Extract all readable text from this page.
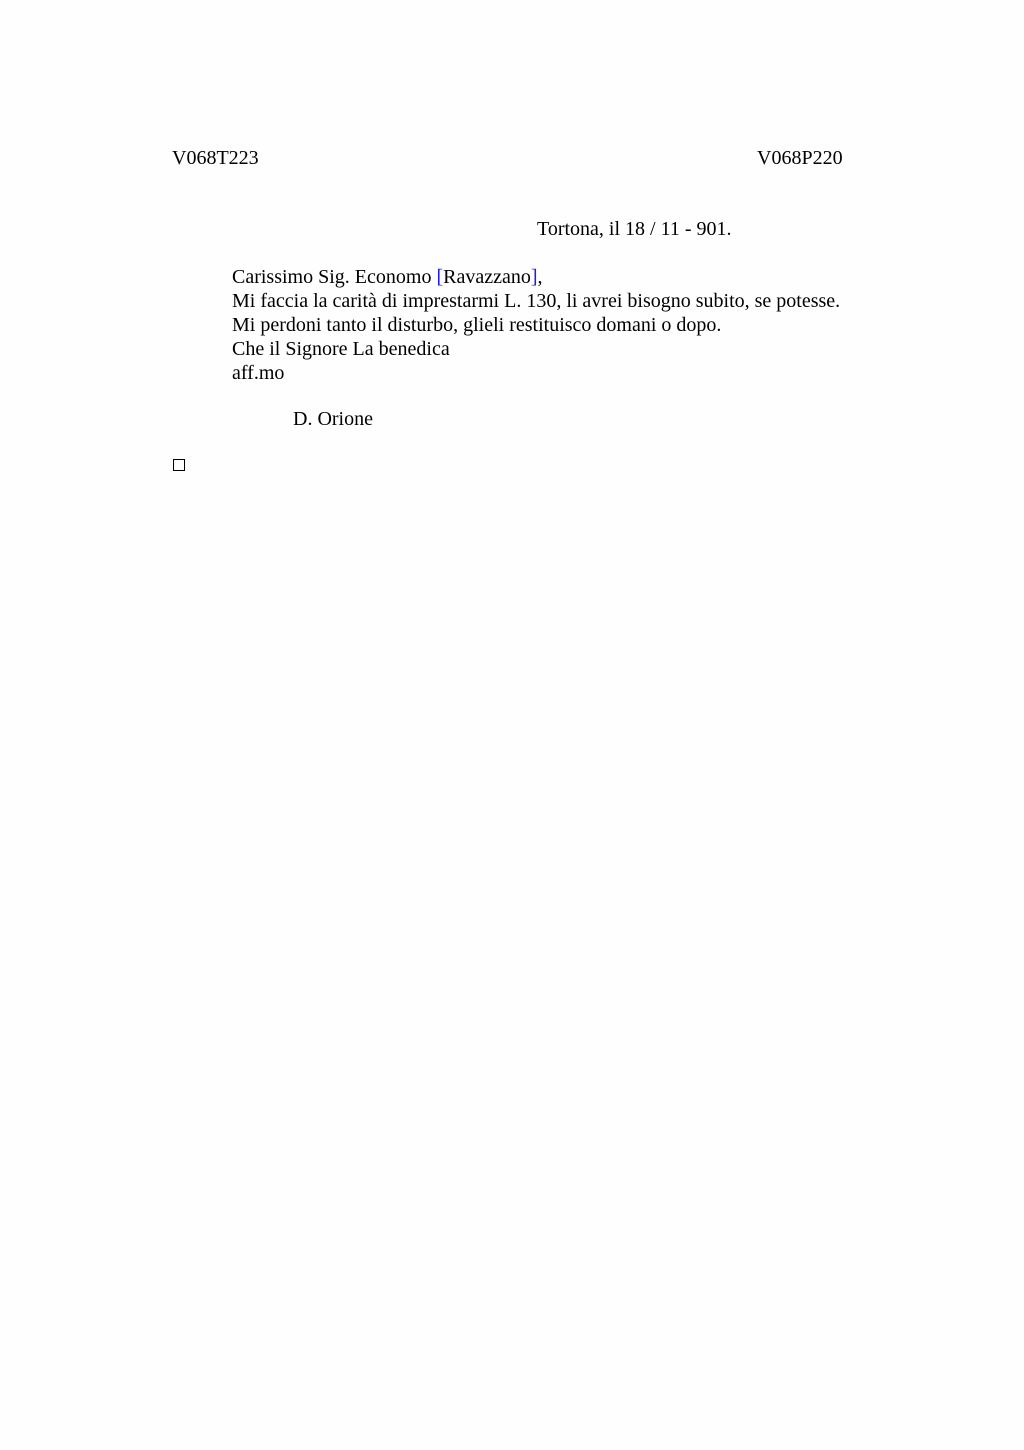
V068T223	V068P220
Tortona, il 18 / 11 - 901.
Carissimo Sig. Economo [Ravazzano],
Mi faccia la carità di imprestarmi L. 130, li avrei bisogno subito, se potesse.
Mi perdoni tanto il disturbo, glieli restituisco domani o dopo.
Che il Signore La benedica
aff.mo
D. Orione
